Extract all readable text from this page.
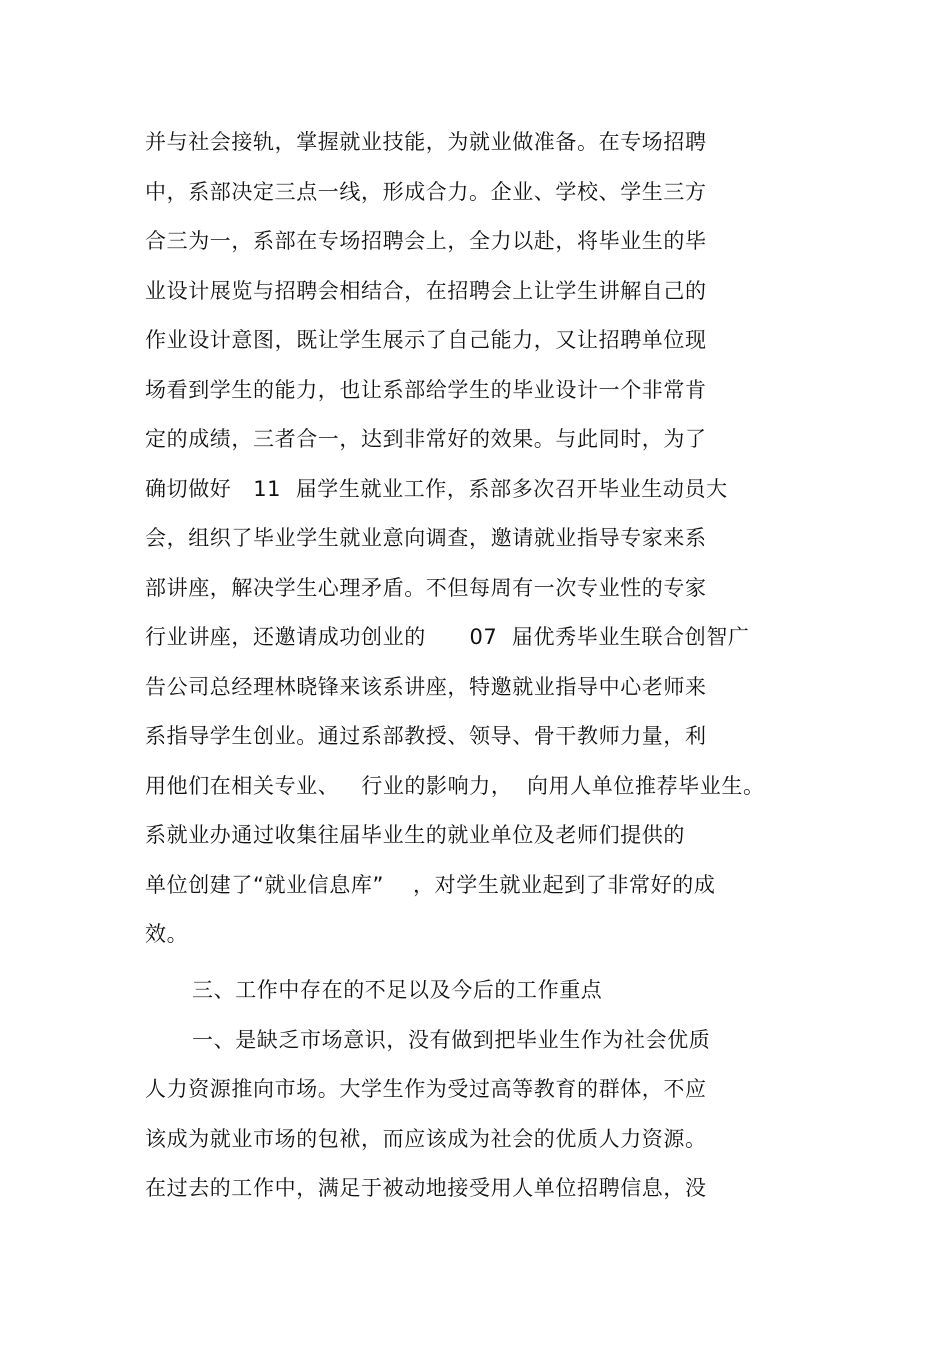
并与社会接轨，掌握就业技能，为就业做准备。在专场招聘
中，系部决定三点一线，形成合力。企业、学校、学生三方
合三为一，系部在专场招聘会上，全力以赴，将毕业生的毕
业设计展览与招聘会相结合，在招聘会上让学生讲解自己的
作业设计意图，既让学生展示了自己能力，又让招聘单位现
场看到学生的能力，也让系部给学生的毕业设计一个非常肯
定的成绩，三者合一，达到非常好的效果。与此同时，为了
确切做好   11  届学生就业工作，系部多次召开毕业生动员大
会，组织了毕业学生就业意向调查，邀请就业指导专家来系
部讲座，解决学生心理矛盾。不但每周有一次专业性的专家
行业讲座，还邀请成功创业的      07  届优秀毕业生联合创智广
告公司总经理林晓锋来该系讲座，特邀就业指导中心老师来
系指导学生创业。通过系部教授、领导、骨干教师力量，利
用他们在相关专业、   行业的影响力，  向用人单位推荐毕业生。
系就业办通过收集往届毕业生的就业单位及老师们提供的
单位创建了“就业信息库”    ，对学生就业起到了非常好的成
效。
三、工作中存在的不足以及今后的工作重点
一、是缺乏市场意识，没有做到把毕业生作为社会优质
人力资源推向市场。大学生作为受过高等教育的群体，不应
该成为就业市场的包袱，而应该成为社会的优质人力资源。
在过去的工作中，满足于被动地接受用人单位招聘信息，没
